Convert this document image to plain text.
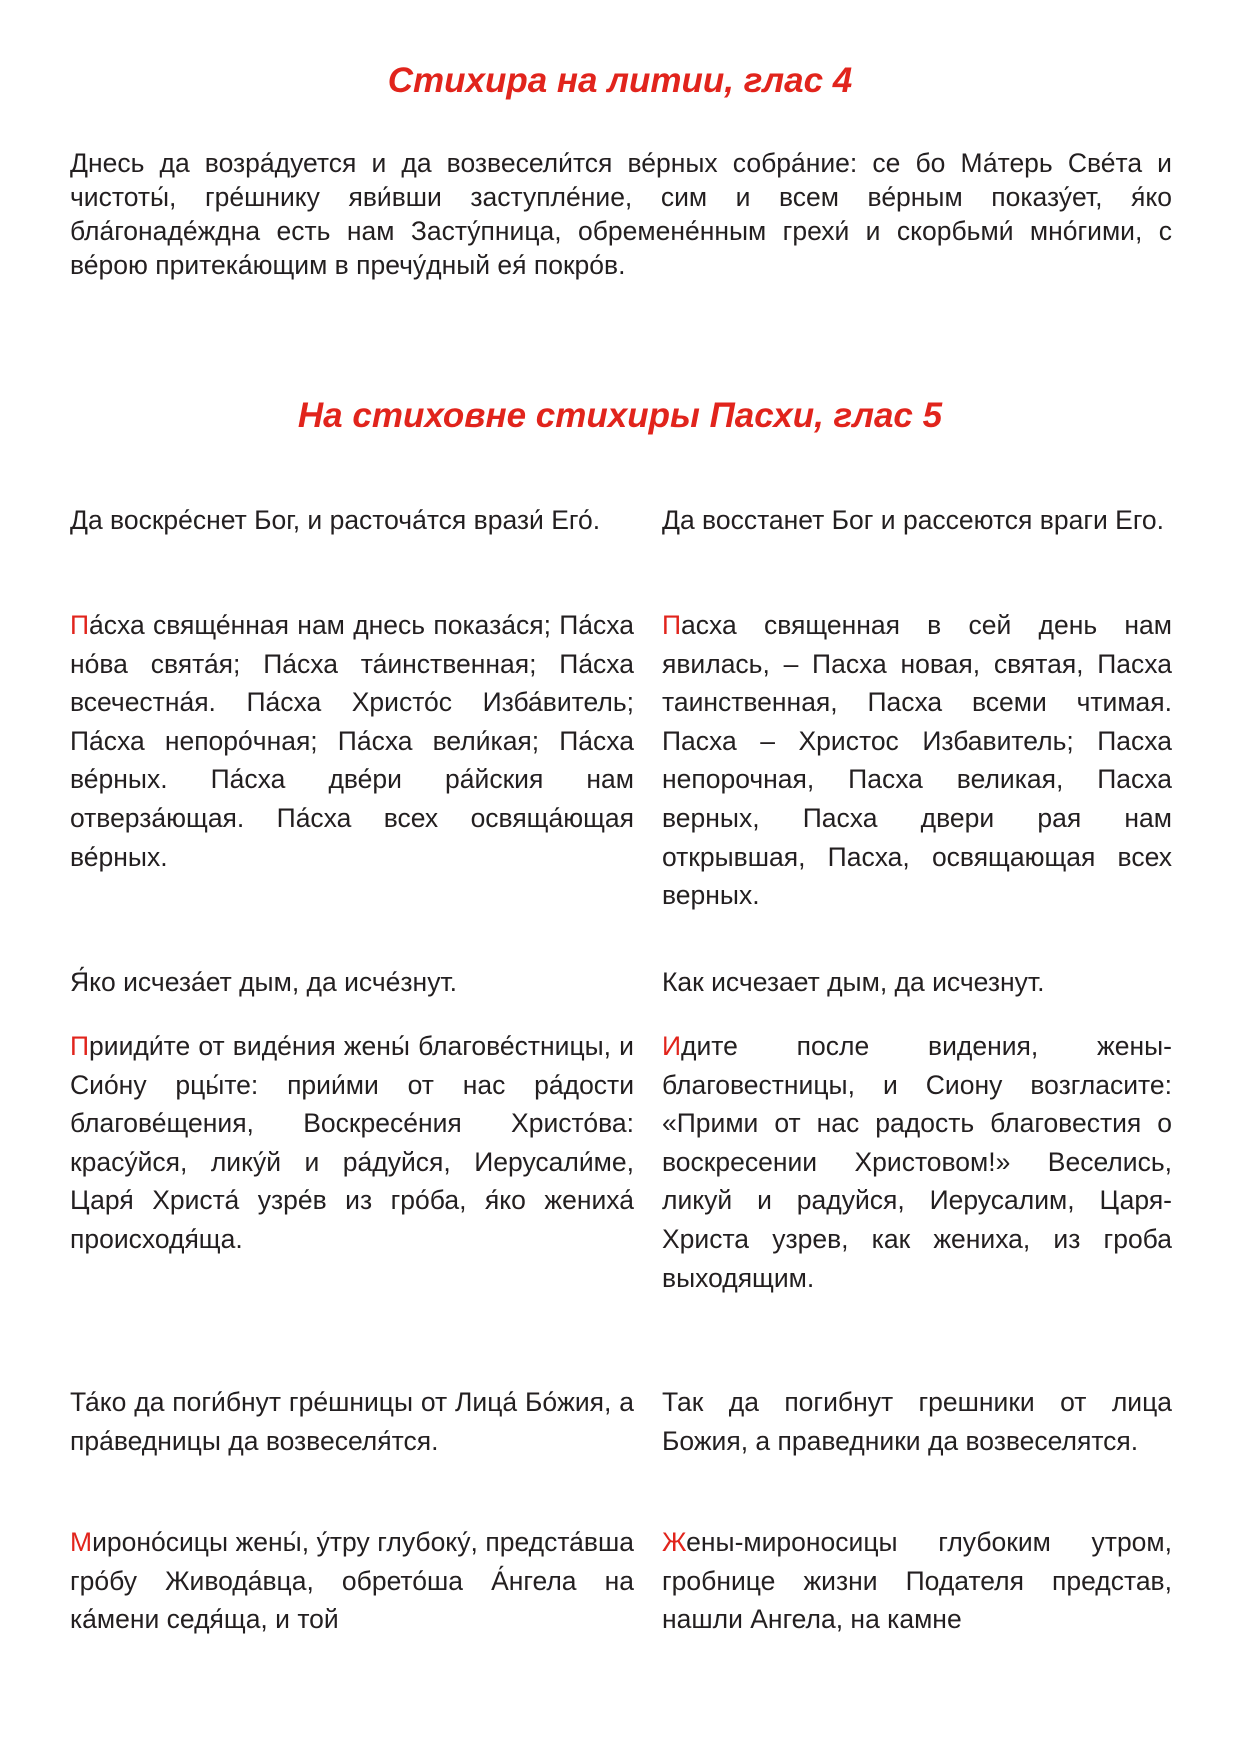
Стихира на литии, глас 4

Днесь да возра́дуется и да возвесели́тся ве́рных собра́ние: се бо Ма́терь Све́та и чистоты́, гре́шнику яви́вши заступле́ние, сим и всем ве́рным показу́ет, я́ко бла́гонаде́ждна есть нам Засту́пница, обремене́нным грехи́ и скорбьми́ мно́гими, с ве́рою притека́ющим в пречу́дный ея́ покро́в.

На стиховне стихиры Пасхи, глас 5

Да воскре́снет Бог, и расточа́тся врази́ Его́.	Да восстанет Бог и рассеются враги Его.

Па́сха свяще́нная нам днесь показа́ся; Па́сха но́ва свята́я; Па́сха та́инственная; Па́сха всечестна́я. Па́сха Христо́с Изба́витель; Па́сха непоро́чная; Па́сха вели́кая; Па́сха ве́рных. Па́сха две́ри ра́йския нам отверза́ющая. Па́сха всех освяща́ющая ве́рных.

Пасха священная в сей день нам явилась, – Пасха новая, святая, Пасха таинственная, Пасха всеми чтимая. Пасха – Христос Избавитель; Пасха непорочная, Пасха великая, Пасха верных, Пасха двери рая нам открывшая, Пасха, освящающая всех верных.

Я́ко исчеза́ет дым, да исче́знут.	Как исчезает дым, да исчезнут.

Прииди́те от виде́ния жены́ благове́стницы, и Сио́ну рцы́те: прии́ми от нас ра́дости благове́щения, Воскресе́ния Христо́ва: красу́йся, лику́й и ра́дуйся, Иерусали́ме, Царя́ Христа́ узре́в из гро́ба, я́ко жениха́ происходя́ща.

Идите после видения, жены-благовестницы, и Сиону возгласите: «Прими от нас радость благовестия о воскресении Христовом!» Веселись, ликуй и радуйся, Иерусалим, Царя-Христа узрев, как жениха, из гроба выходящим.

Та́ко да поги́бнут гре́шницы от Лица́ Бо́жия, а пра́ведницы да возвеселя́тся.

Так да погибнут грешники от лица Божия, а праведники да возвеселятся.

Мироно́сицы жены́, у́тру глубоку́, предста́вша гро́бу Живода́вца, обрето́ша А́нгела на ка́мени седя́ща, и той

Жены-мироносицы глубоким утром, гробнице жизни Подателя представ, нашли Ангела, на камне
